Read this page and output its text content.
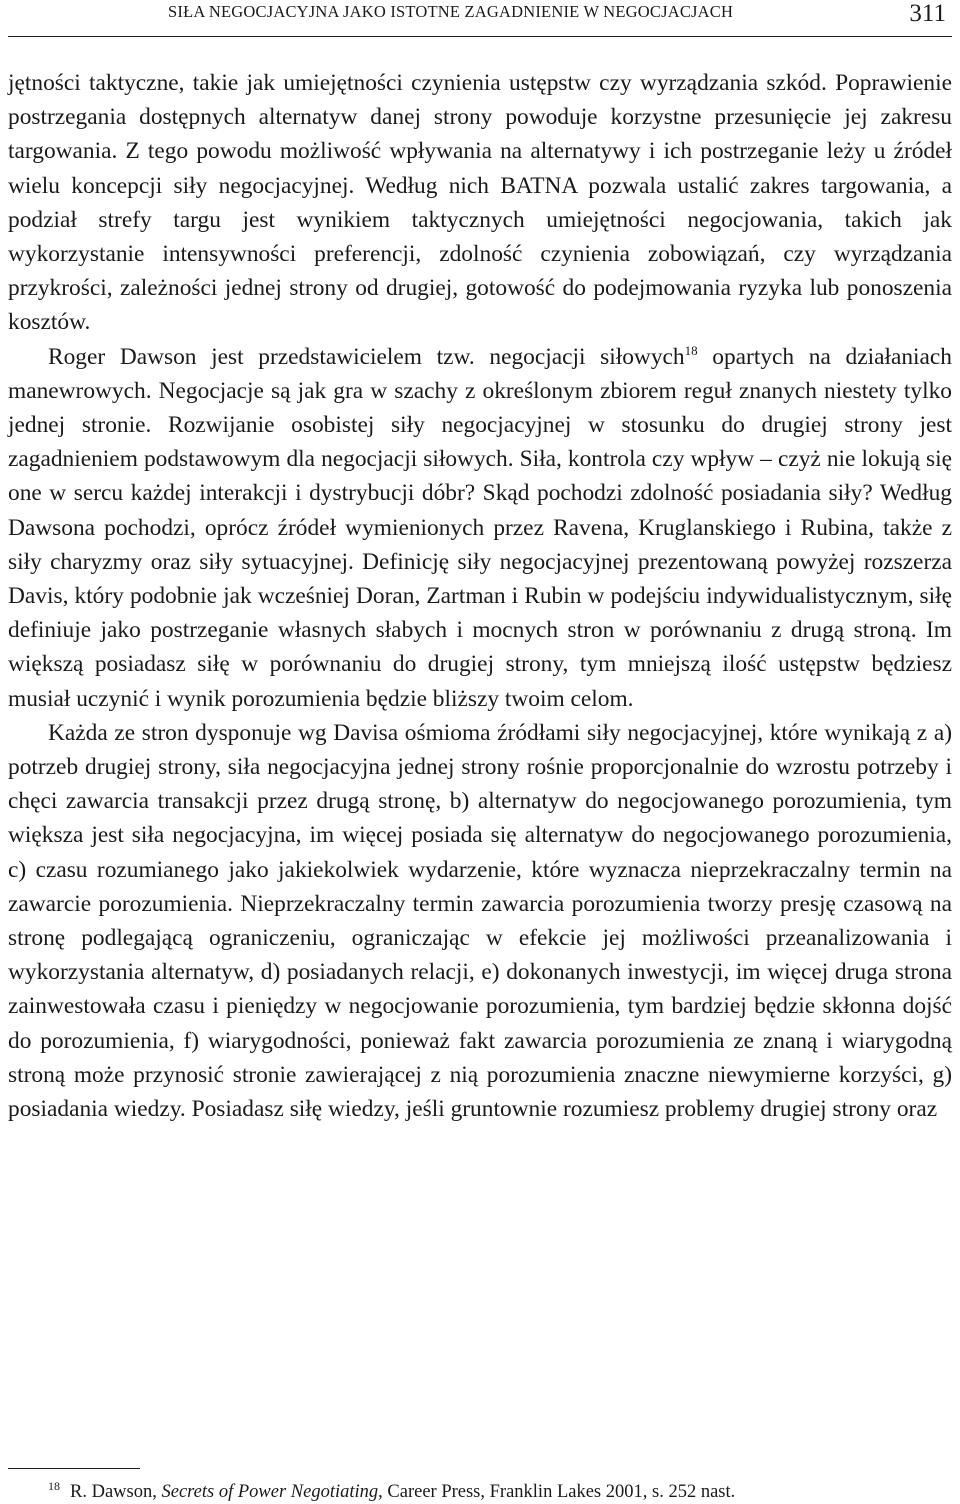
SIŁA NEGOCJACYJNA JAKO ISTOTNE ZAGADNIENIE W NEGOCJACJACH	311

jętności taktyczne, takie jak umiejętności czynienia ustępstw czy wyrządzania szkód. Poprawienie postrzegania dostępnych alternatyw danej strony powoduje korzystne przesunięcie jej zakresu targowania. Z tego powodu możliwość wpływania na alternatywy i ich postrzeganie leży u źródeł wielu koncepcji siły negocjacyjnej. Według nich BATNA pozwala ustalić zakres targowania, a podział strefy targu jest wynikiem taktycznych umiejętności negocjowania, takich jak wykorzystanie intensywności preferencji, zdolność czynienia zobowiązań, czy wyrządzania przykrości, zależności jednej strony od drugiej, gotowość do podejmowania ryzyka lub ponoszenia kosztów.

Roger Dawson jest przedstawicielem tzw. negocjacji siłowych$^{18}$ opartych na działaniach manewrowych. Negocjacje są jak gra w szachy z określonym zbiorem reguł znanych niestety tylko jednej stronie. Rozwijanie osobistej siły negocjacyjnej w stosunku do drugiej strony jest zagadnieniem podstawowym dla negocjacji siłowych. Siła, kontrola czy wpływ – czyż nie lokują się one w sercu każdej interakcji i dystrybucji dóbr? Skąd pochodzi zdolność posiadania siły? Według Dawsona pochodzi, oprócz źródeł wymienionych przez Ravena, Kruglanskiego i Rubina, także z siły charyzmy oraz siły sytuacyjnej. Definicję siły negocjacyjnej prezentowaną powyżej rozszerza Davis, który podobnie jak wcześniej Doran, Zartman i Rubin w podejściu indywidualistycznym, siłę definiuje jako postrzeganie własnych słabych i mocnych stron w porównaniu z drugą stroną. Im większą posiadasz siłę w porównaniu do drugiej strony, tym mniejszą ilość ustępstw będziesz musiał uczynić i wynik porozumienia będzie bliższy twoim celom.

Każda ze stron dysponuje wg Davisa ośmioma źródłami siły negocjacyjnej, które wynikają z a) potrzeb drugiej strony, siła negocjacyjna jednej strony rośnie proporcjonalnie do wzrostu potrzeby i chęci zawarcia transakcji przez drugą stronę, b) alternatyw do negocjowanego porozumienia, tym większa jest siła negocjacyjna, im więcej posiada się alternatyw do negocjowanego porozumienia, c) czasu rozumianego jako jakiekolwiek wydarzenie, które wyznacza nieprzekraczalny termin na zawarcie porozumienia. Nieprzekraczalny termin zawarcia porozumienia tworzy presję czasową na stronę podlegającą ograniczeniu, ograniczając w efekcie jej możliwości przeanalizowania i wykorzystania alternatyw, d) posiadanych relacji, e) dokonanych inwestycji, im więcej druga strona zainwestowała czasu i pieniędzy w negocjowanie porozumienia, tym bardziej będzie skłonna dojść do porozumienia, f) wiarygodności, ponieważ fakt zawarcia porozumienia ze znaną i wiarygodną stroną może przynosić stronie zawierającej z nią porozumienia znaczne niewymierne korzyści, g) posiadania wiedzy. Posiadasz siłę wiedzy, jeśli gruntownie rozumiesz problemy drugiej strony oraz

$^{18}$ R. Dawson, Secrets of Power Negotiating, Career Press, Franklin Lakes 2001, s. 252 nast.
